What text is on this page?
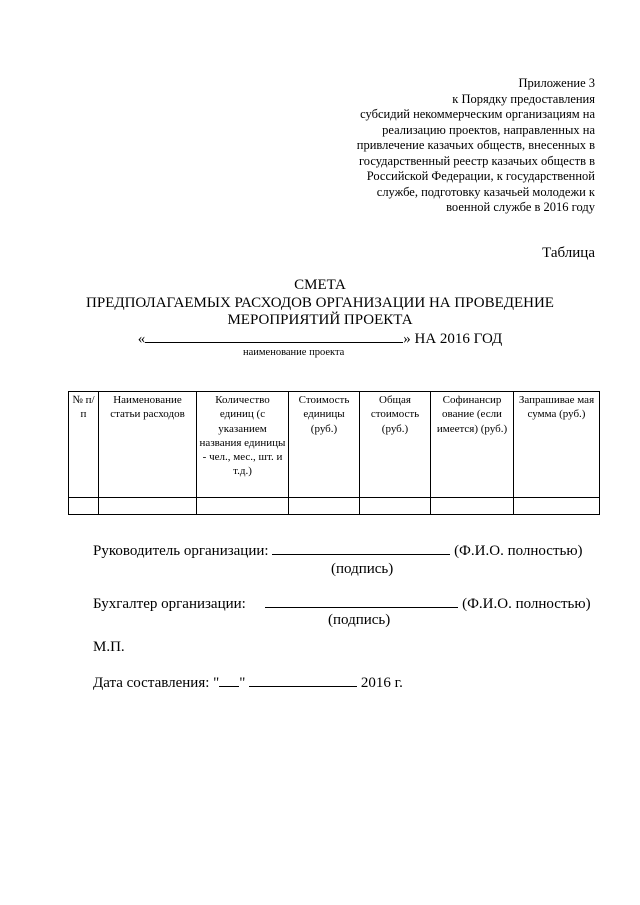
Приложение 3
к Порядку предоставления
субсидий некоммерческим организациям на
реализацию проектов, направленных на
привлечение казачьих обществ, внесенных в
государственный реестр казачьих обществ в
Российской Федерации, к государственной
службе, подготовку казачьей молодежи к
военной службе в 2016 году
Таблица
СМЕТА
ПРЕДПОЛАГАЕМЫХ РАСХОДОВ ОРГАНИЗАЦИИ НА ПРОВЕДЕНИЕ
МЕРОПРИЯТИЙ ПРОЕКТА
«	» НА 2016 ГОД
наименование проекта
№ п/п	Наименование статьи расходов	Количество единиц (с указанием названия единицы - чел., мес., шт. и т.д.)	Стоимость единицы (руб.)	Общая стоимость (руб.)	Софинансир ование (если имеется) (руб.)	Запрашивае мая сумма (руб.)

Руководитель организации:	(Ф.И.О. полностью)
(подпись)
Бухгалтер организации:	(Ф.И.О. полностью)
(подпись)
М.П.
Дата составления: " "	2016 г.
